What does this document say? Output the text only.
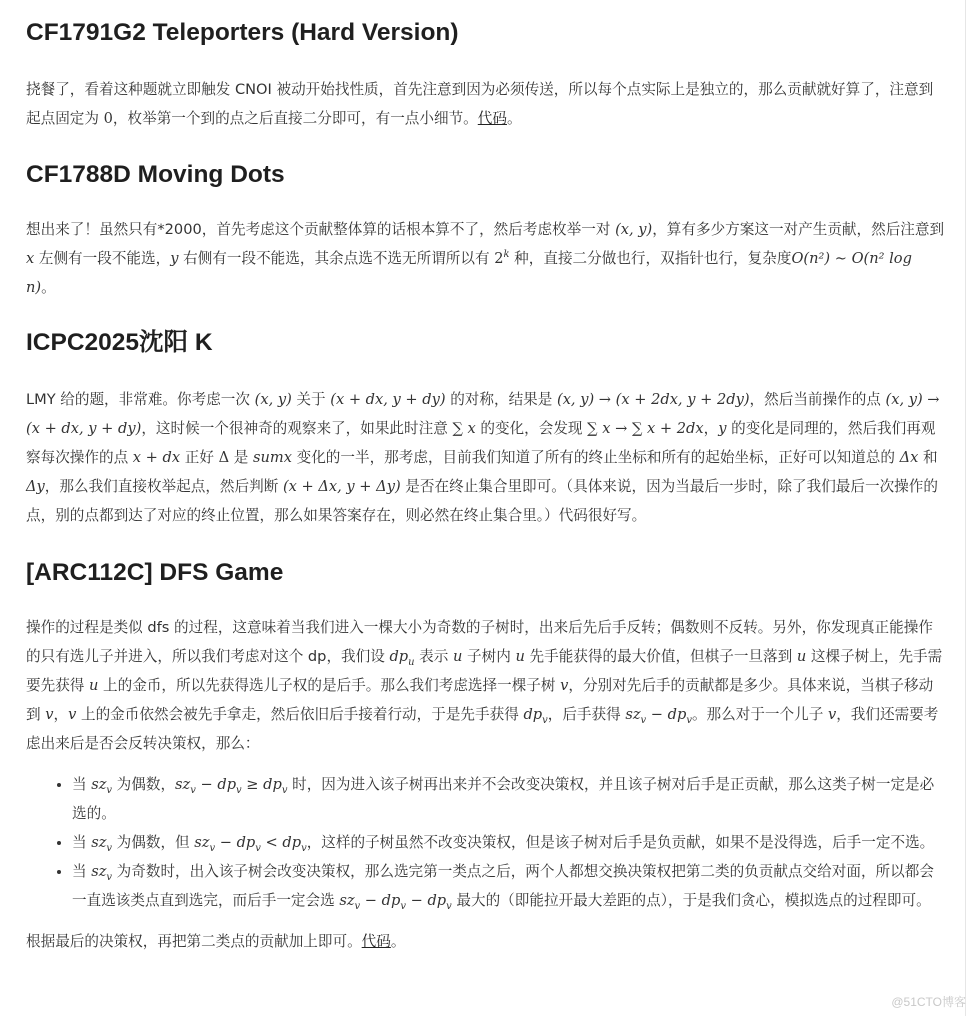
CF1791G2 Teleporters (Hard Version)

挠餐了，看着这种题就立即触发 CNOI 被动开始找性质，首先注意到因为必须传送，所以每个点实际上是独立的，那么贡献就好算了，注意到起点固定为 0，枚举第一个到的点之后直接二分即可，有一点小细节。代码。

CF1788D Moving Dots

想出来了！虽然只有*2000，首先考虑这个贡献整体算的话根本算不了，然后考虑枚举一对 (x, y)，算有多少方案这一对产生贡献，然后注意到 x 左侧有一段不能选，y 右侧有一段不能选，其余点选不选无所谓所以有 2$^k$ 种，直接二分做也行，双指针也行，复杂度O(n²) ∼ O(n² log n)。

ICPC2025沈阳 K

LMY 给的题，非常难。你考虑一次 (x, y) 关于 (x + dx, y + dy) 的对称，结果是 (x, y) → (x + 2dx, y + 2dy)，然后当前操作的点 (x, y) → (x + dx, y + dy)，这时候一个很神奇的观察来了，如果此时注意 ∑ x 的变化，会发现 ∑ x → ∑ x + 2dx，y 的变化是同理的，然后我们再观察每次操作的点 x + dx 正好 Δ 是 sumx 变化的一半，那考虑，目前我们知道了所有的终止坐标和所有的起始坐标，正好可以知道总的 Δx 和 Δy，那么我们直接枚举起点，然后判断 (x + Δx, y + Δy) 是否在终止集合里即可。（具体来说，因为当最后一步时，除了我们最后一次操作的点，别的点都到达了对应的终止位置，那么如果答案存在，则必然在终止集合里。）代码很好写。

[ARC112C] DFS Game

操作的过程是类似 dfs 的过程，这意味着当我们进入一棵大小为奇数的子树时，出来后先后手反转；偶数则不反转。另外，你发现真正能操作的只有选儿子并进入，所以我们考虑对这个 dp，我们设 $dp_u$ 表示 u 子树内 u 先手能获得的最大价值，但棋子一旦落到 u 这棵子树上，先手需要先获得 u 上的金币，所以先获得选儿子权的是后手。那么我们考虑选择一棵子树 v，分别对先后手的贡献都是多少。具体来说，当棋子移动到 v，v 上的金币依然会被先手拿走，然后依旧后手接着行动，于是先手获得 $dp_v$，后手获得 $sz_v - dp_v$。那么对于一个儿子 v，我们还需要考虑出来后是否会反转决策权，那么：

• 当 $sz_v$ 为偶数，$sz_v - dp_v \ge dp_v$ 时，因为进入该子树再出来并不会改变决策权，并且该子树对后手是正贡献，那么这类子树一定是必选的。
• 当 $sz_v$ 为偶数，但 $sz_v - dp_v < dp_v$，这样的子树虽然不改变决策权，但是该子树对后手是负贡献，如果不是没得选，后手一定不选。
• 当 $sz_v$ 为奇数时，出入该子树会改变决策权，那么选完第一类点之后，两个人都想交换决策权把第二类的负贡献点交给对面，所以都会一直选该类点直到选完，而后手一定会选 $sz_v - dp_v - dp_v$ 最大的（即能拉开最大差距的点），于是我们贪心，模拟选点的过程即可。

根据最后的决策权，再把第二类点的贡献加上即可。代码。

@51CTO博客
